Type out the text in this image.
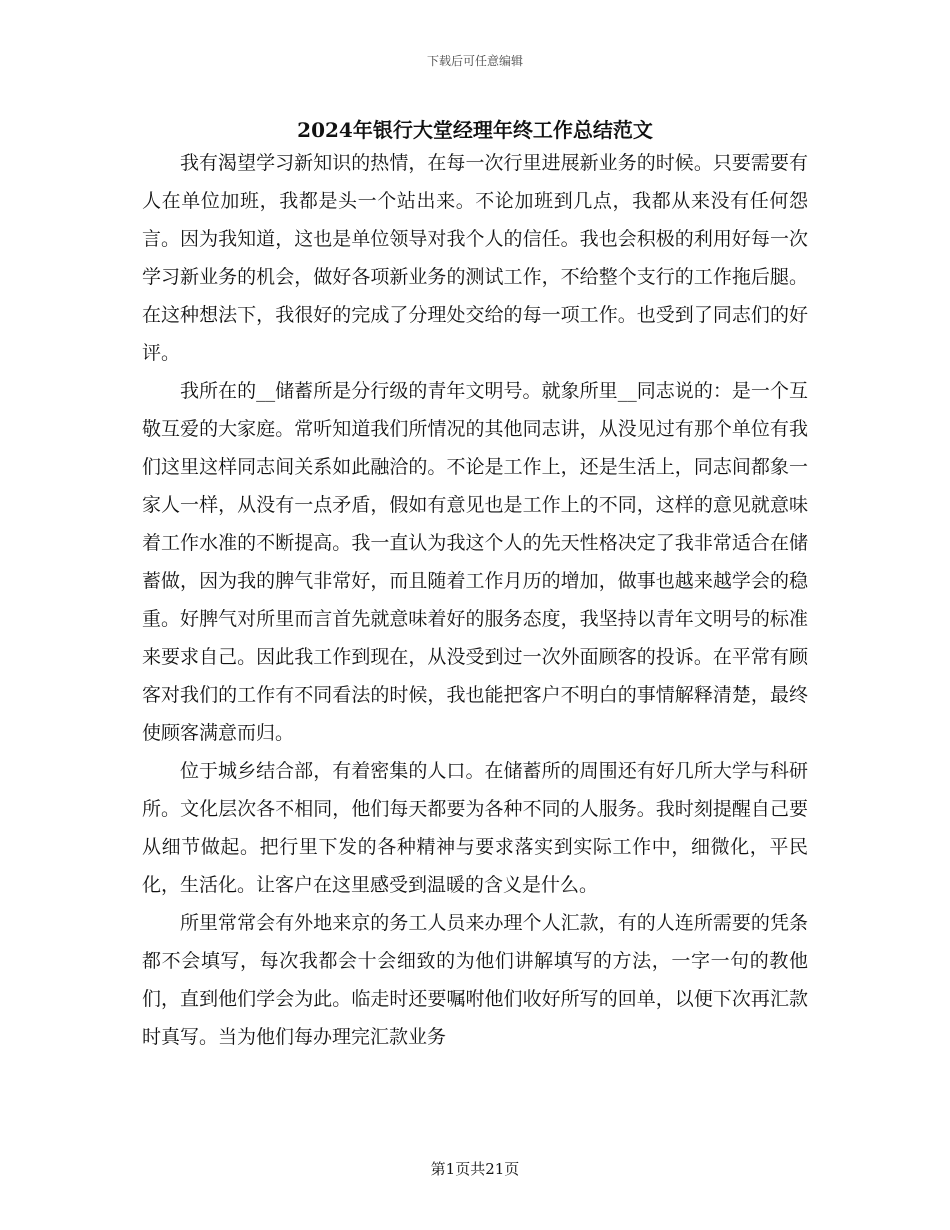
下载后可任意编辑
2024年银行大堂经理年终工作总结范文

我有渴望学习新知识的热情，在每一次行里进展新业务的时候。只要需要有人在单位加班，我都是头一个站出来。不论加班到几点，我都从来没有任何怨言。因为我知道，这也是单位领导对我个人的信任。我也会积极的利用好每一次学习新业务的机会，做好各项新业务的测试工作，不给整个支行的工作拖后腿。在这种想法下，我很好的完成了分理处交给的每一项工作。也受到了同志们的好评。

我所在的__储蓄所是分行级的青年文明号。就象所里__同志说的：是一个互敬互爱的大家庭。常听知道我们所情况的其他同志讲，从没见过有那个单位有我们这里这样同志间关系如此融洽的。不论是工作上，还是生活上，同志间都象一家人一样，从没有一点矛盾，假如有意见也是工作上的不同，这样的意见就意味着工作水准的不断提高。我一直认为我这个人的先天性格决定了我非常适合在储蓄做，因为我的脾气非常好，而且随着工作月历的增加，做事也越来越学会的稳重。好脾气对所里而言首先就意味着好的服务态度，我坚持以青年文明号的标准来要求自己。因此我工作到现在，从没受到过一次外面顾客的投诉。在平常有顾客对我们的工作有不同看法的时候，我也能把客户不明白的事情解释清楚，最终使顾客满意而归。

位于城乡结合部，有着密集的人口。在储蓄所的周围还有好几所大学与科研所。文化层次各不相同，他们每天都要为各种不同的人服务。我时刻提醒自己要从细节做起。把行里下发的各种精神与要求落实到实际工作中，细微化，平民化，生活化。让客户在这里感受到温暖的含义是什么。

所里常常会有外地来京的务工人员来办理个人汇款，有的人连所需要的凭条都不会填写，每次我都会十会细致的为他们讲解填写的方法，一字一句的教他们，直到他们学会为此。临走时还要嘱咐他们收好所写的回单，以便下次再汇款时真写。当为他们每办理完汇款业务

第1页共21页
